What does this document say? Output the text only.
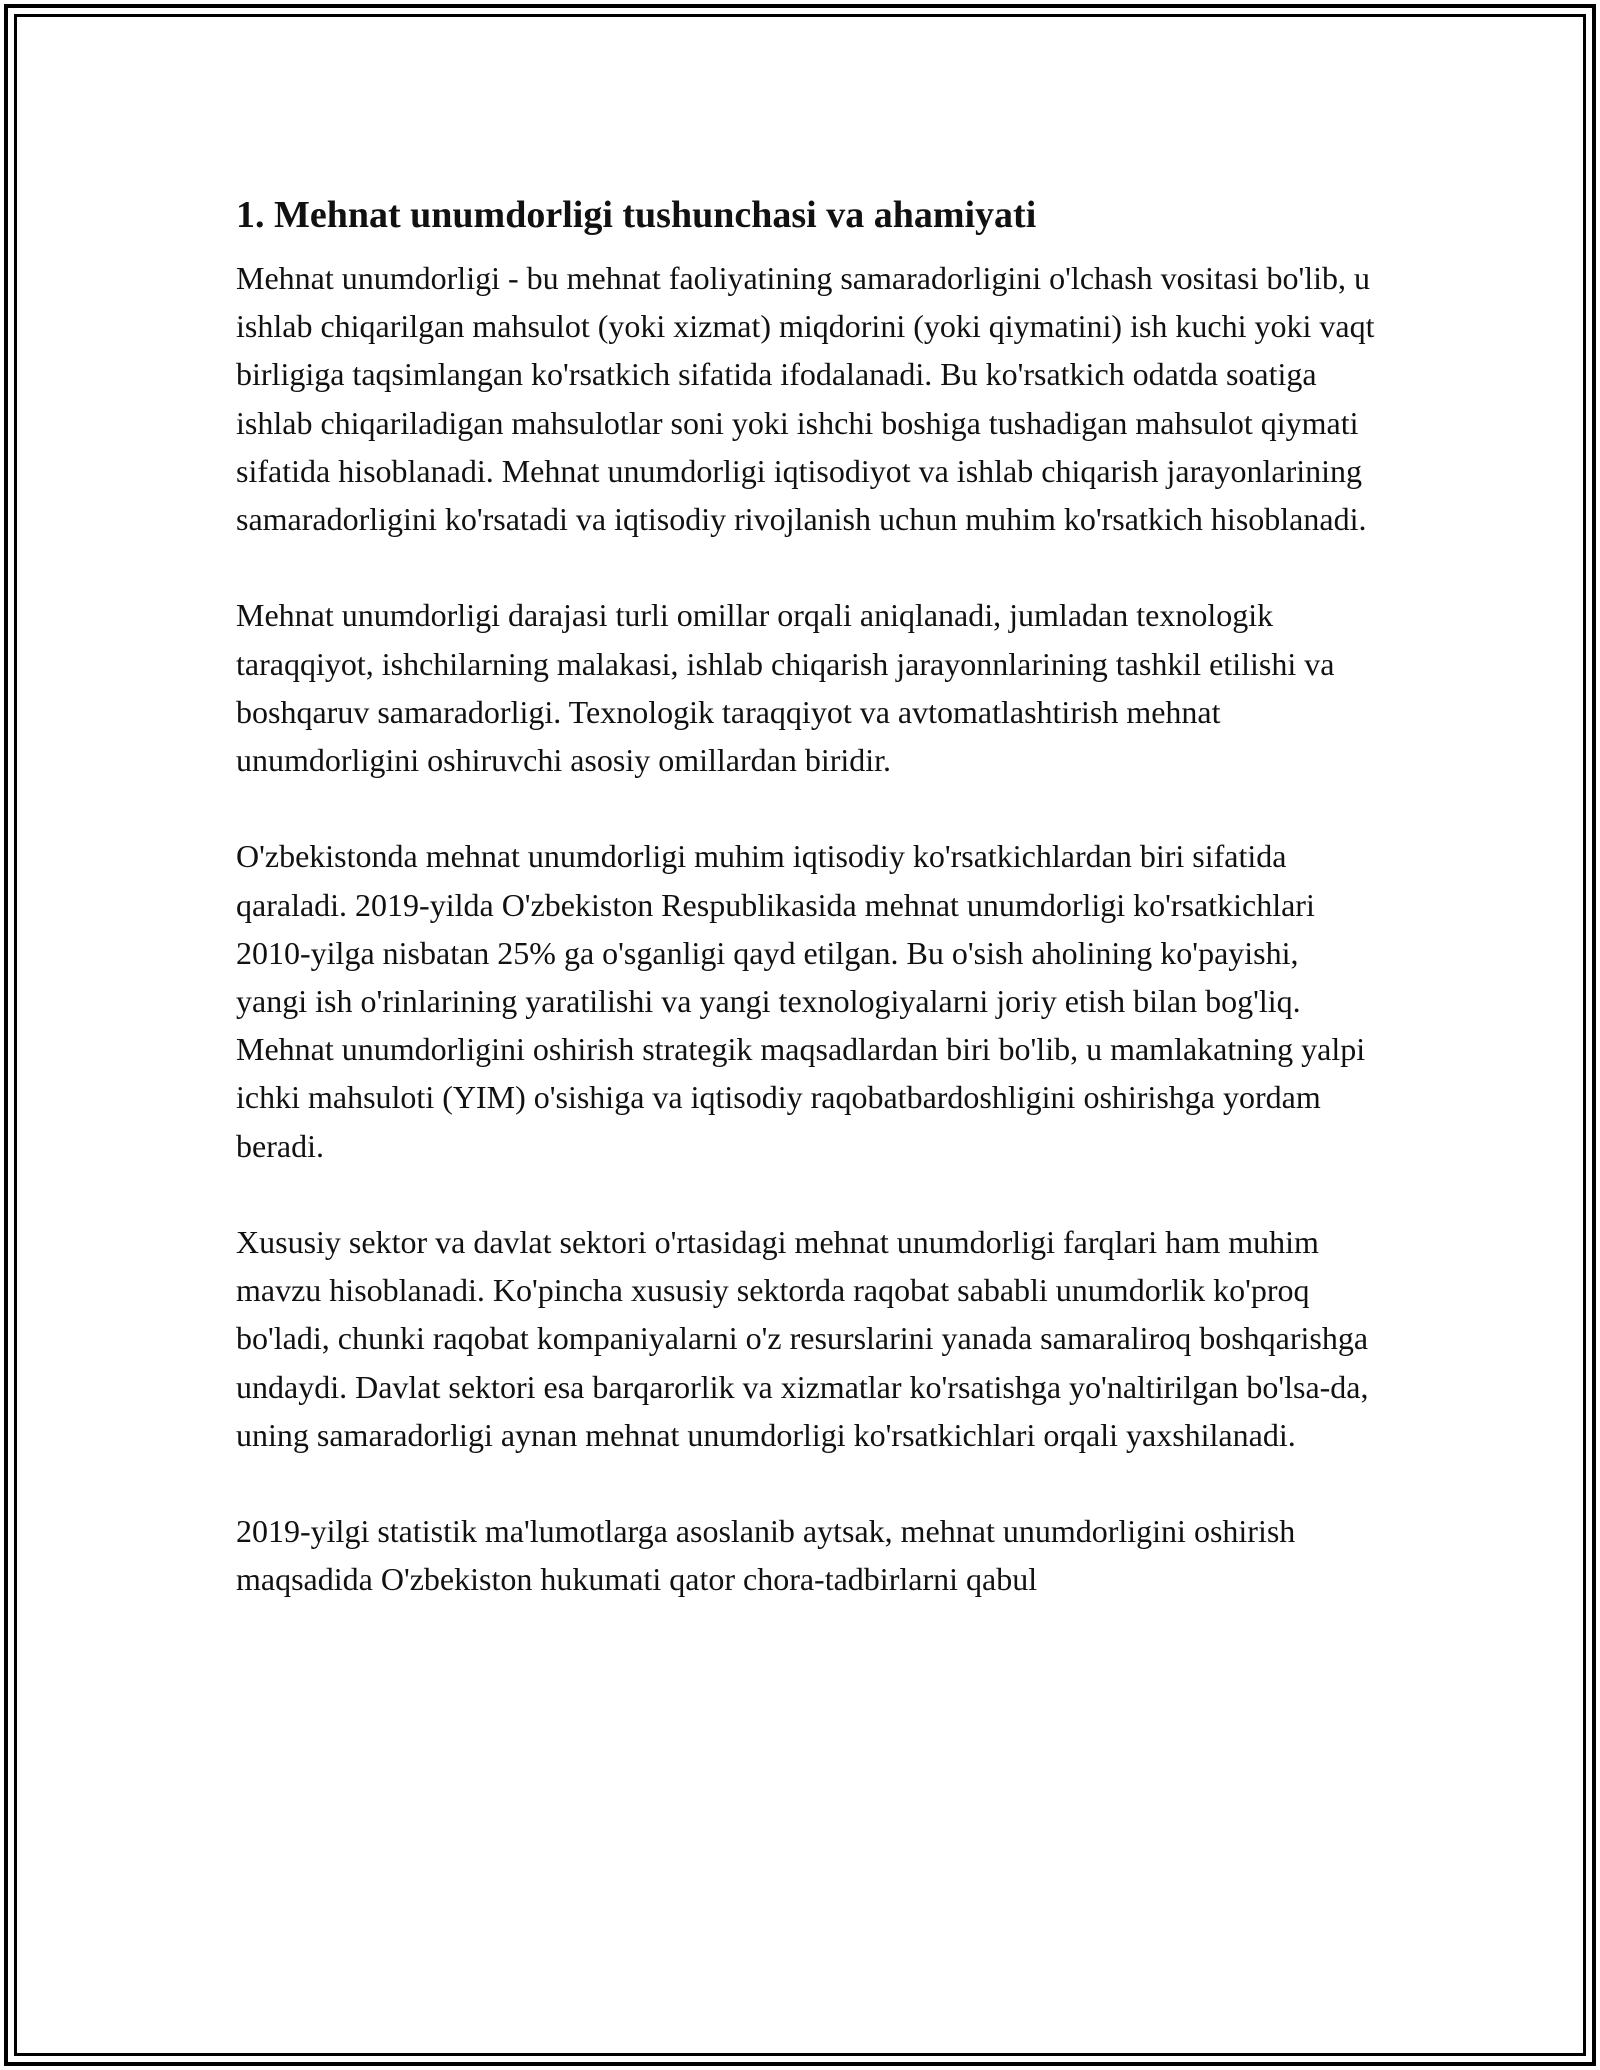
1. Mehnat unumdorligi tushunchasi va ahamiyati

Mehnat unumdorligi - bu mehnat faoliyatining samaradorligini o'lchash vositasi bo'lib, u ishlab chiqarilgan mahsulot (yoki xizmat) miqdorini (yoki qiymatini) ish kuchi yoki vaqt birligiga taqsimlangan ko'rsatkich sifatida ifodalanadi. Bu ko'rsatkich odatda soatiga ishlab chiqariladigan mahsulotlar soni yoki ishchi boshiga tushadigan mahsulot qiymati sifatida hisoblanadi. Mehnat unumdorligi iqtisodiyot va ishlab chiqarish jarayonlarining samaradorligini ko'rsatadi va iqtisodiy rivojlanish uchun muhim ko'rsatkich hisoblanadi.

Mehnat unumdorligi darajasi turli omillar orqali aniqlanadi, jumladan texnologik taraqqiyot, ishchilarning malakasi, ishlab chiqarish jarayonnlarining tashkil etilishi va boshqaruv samaradorligi. Texnologik taraqqiyot va avtomatlashtirish mehnat unumdorligini oshiruvchi asosiy omillardan biridir.

O'zbekistonda mehnat unumdorligi muhim iqtisodiy ko'rsatkichlardan biri sifatida qaraladi. 2019-yilda O'zbekiston Respublikasida mehnat unumdorligi ko'rsatkichlari 2010-yilga nisbatan 25% ga o'sganligi qayd etilgan. Bu o'sish aholining ko'payishi, yangi ish o'rinlarining yaratilishi va yangi texnologiyalarni joriy etish bilan bog'liq. Mehnat unumdorligini oshirish strategik maqsadlardan biri bo'lib, u mamlakatning yalpi ichki mahsuloti (YIM) o'sishiga va iqtisodiy raqobatbardoshligini oshirishga yordam beradi.

Xususiy sektor va davlat sektori o'rtasidagi mehnat unumdorligi farqlari ham muhim mavzu hisoblanadi. Ko'pincha xususiy sektorda raqobat sababli unumdorlik ko'proq bo'ladi, chunki raqobat kompaniyalarni o'z resurslarini yanada samaraliroq boshqarishga undaydi. Davlat sektori esa barqarorlik va xizmatlar ko'rsatishga yo'naltirilgan bo'lsa-da, uning samaradorligi aynan mehnat unumdorligi ko'rsatkichlari orqali yaxshilanadi.

2019-yilgi statistik ma'lumotlarga asoslanib aytsak, mehnat unumdorligini oshirish maqsadida O'zbekiston hukumati qator chora-tadbirlarni qabul
